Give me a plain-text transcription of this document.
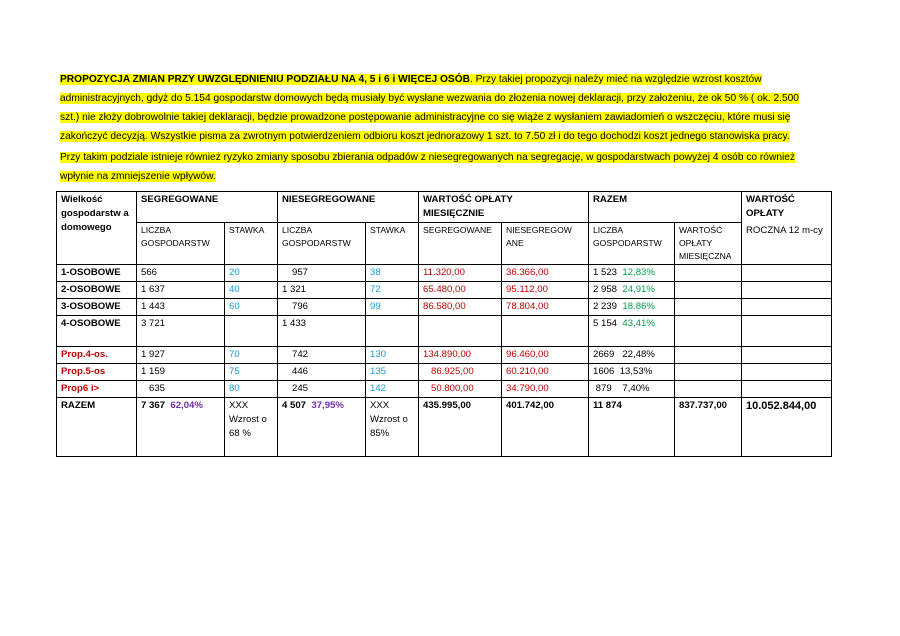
PROPOZYCJA ZMIAN PRZY UWZGLĘDNIENIU PODZIAŁU NA 4, 5 i 6 i WIĘCEJ OSÓB. Przy takiej propozycji należy mieć na względzie wzrost kosztów
administracyjnych, gdyż do 5.154 gospodarstw domowych będą musiały być wysłane wezwania do złożenia nowej deklaracji, przy założeniu, że ok 50 % ( ok. 2.500
szt.) nie złoży dobrowolnie takiej deklaracji, będzie prowadzone postępowanie administracyjne co się wiąże z wysłaniem zawiadomień o wszczęciu, które musi się
zakończyć decyzją. Wszystkie pisma za zwrotnym potwierdzeniem odbioru koszt jednorazowy 1 szt. to 7.50 zł i do tego dochodzi koszt jednego stanowiska pracy.
Przy takim podziale istnieje również ryzyko zmiany sposobu zbierania odpadów z niesegregowanych na segregację, w gospodarstwach powyżej 4 osób co również
wpłynie na zmniejszenie wpływów.
Wielkość gospodarstw a domowego	SEGREGOWANE		NIESEGREGOWANE		WARTOŚĆ OPŁATY
MIESIĘCZNIE		RAZEM		WARTOŚĆ OPŁATY
	LICZBA GOSPODARSTW	STAWKA	LICZBA GOSPODARSTW	STAWKA	SEGREGOWANE	NIESEGREGOW ANE	LICZBA GOSPODARSTW	WARTOŚĆ OPŁATY MIESIĘCZNA	ROCZNA 12 m-cy
1-OSOBOWE	566	20	957	38	11.320,00	36.366,00	1 523 12,83%		
2-OSOBOWE	1 637	40	1 321	72	65.480,00	95.112,00	2 958 24,91%		
3-OSOBOWE	1 443	60	796	99	86.580,00	78.804,00	2 239 18.86%		
4-OSOBOWE	3 721		1 433				5 154 43,41%		
Prop.4-os.	1 927	70	742	130	134.890,00	96.460,00	2669 22,48%		
Prop.5-os	1 159	75	446	135	86.925,00	60.210,00	1606 13,53%		
Prop6 i>	635	80	245	142	50.800,00	34.790,00	879 7,40%		
RAZEM	7 367 62,04%	XXX Wzrost o 68 %	4 507 37,95%	XXX Wzrost o 85%	435.995,00	401.742,00	11 874	837.737,00	10.052.844,00
